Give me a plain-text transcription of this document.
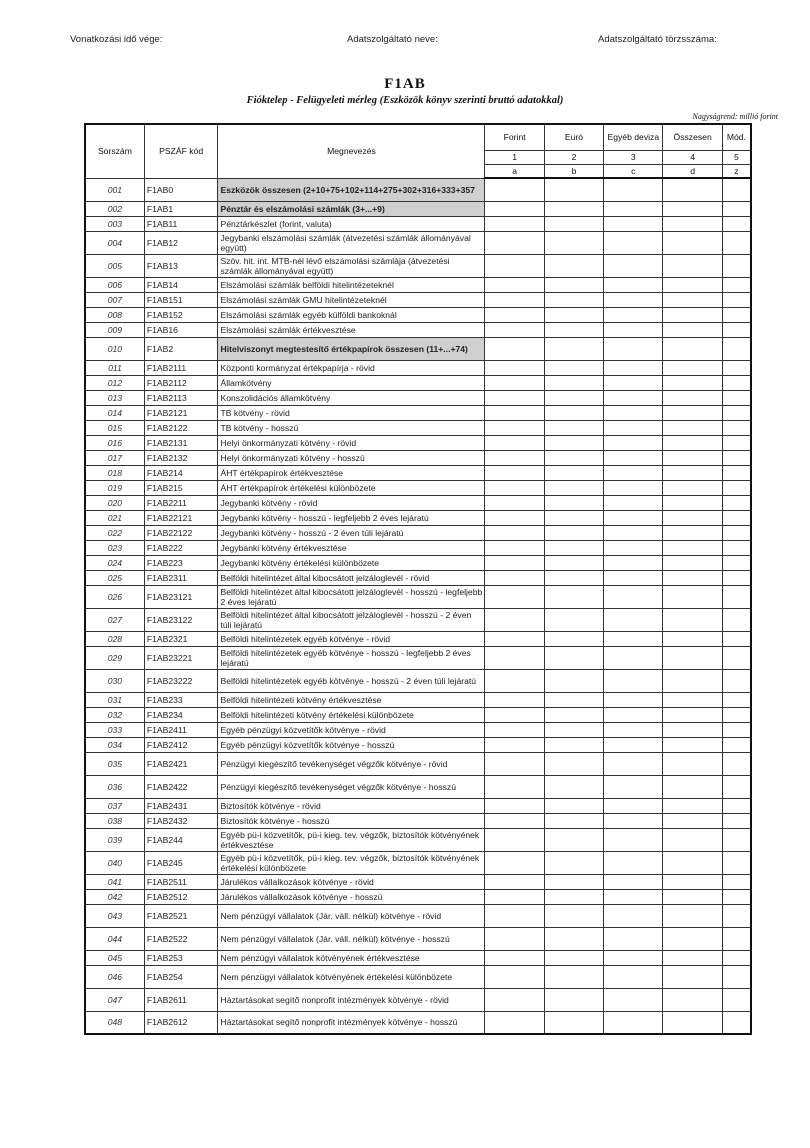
Vonatkozási idő vége:	Adatszolgáltató neve:	Adatszolgáltató törzsszáma:
F1AB
Fióktelep - Felügyeleti mérleg (Eszközök könyv szerinti bruttó adatokkal)
Nagyságrend: millió forint
Sorszám	PSZÁF kód	Megnevezés	Forint	Euró	Egyéb deviza	Összesen	Mód.
			1	2	3	4	5
			a	b	c	d	z
001	F1AB0	Eszközök összesen (2+10+75+102+114+275+302+316+333+357					
002	F1AB1	Pénztár és elszámolási számlák (3+...+9)					
003	F1AB11	Pénztárkészlet (forint, valuta)					
004	F1AB12	Jegybanki elszámolási számlák (átvezetési számlák állományával együtt)					
005	F1AB13	Szöv. hit. int. MTB-nél lévő elszámolási számlája (átvezetési számlák állományával együtt)					
006	F1AB14	Elszámolási számlák belföldi hitelintézeteknél					
007	F1AB151	Elszámolási számlák GMU hitelintézeteknél					
008	F1AB152	Elszámolási számlák egyéb külföldi bankoknál					
009	F1AB16	Elszámolási számlák értékvesztése					
010	F1AB2	Hitelviszonyt megtestesítő értékpapírok összesen (11+...+74)					
011	F1AB2111	Központi kormányzat értékpapírja - rövid					
012	F1AB2112	Államkötvény					
013	F1AB2113	Konszolidációs államkötvény					
014	F1AB2121	TB kötvény - rövid					
015	F1AB2122	TB kötvény - hosszú					
016	F1AB2131	Helyi önkormányzati kötvény - rövid					
017	F1AB2132	Helyi önkormányzati kötvény - hosszú					
018	F1AB214	ÁHT értékpapírok értékvesztése					
019	F1AB215	ÁHT értékpapírok értékelési különbözete					
020	F1AB2211	Jegybanki kötvény - rövid					
021	F1AB22121	Jegybanki kötvény - hosszú - legfeljebb 2 éves lejáratú					
022	F1AB22122	Jegybanki kötvény - hosszú - 2 éven túli lejáratú					
023	F1AB222	Jegybanki kötvény értékvesztése					
024	F1AB223	Jegybanki kötvény értékelési különbözete					
025	F1AB2311	Belföldi hitelintézet által kibocsátott jelzáloglevél - rövid					
026	F1AB23121	Belföldi hitelintézet által kibocsátott jelzáloglevél - hosszú - legfeljebb 2 éves lejáratú					
027	F1AB23122	Belföldi hitelintézet által kibocsátott jelzáloglevél - hosszú - 2 éven túli lejáratú					
028	F1AB2321	Belföldi hitelintézetek egyéb kötvénye - rövid					
029	F1AB23221	Belföldi hitelintézetek egyéb kötvénye - hosszú - legfeljebb 2 éves lejáratú					
030	F1AB23222	Belföldi hitelintézetek egyéb kötvénye - hosszú - 2 éven túli lejáratú					
031	F1AB233	Belföldi hitelintézeti kötvény értékvesztése					
032	F1AB234	Belföldi hitelintézeti kötvény értékelési különbözete					
033	F1AB2411	Egyéb pénzügyi közvetítők kötvénye - rövid					
034	F1AB2412	Egyéb pénzügyi közvetítők kötvénye - hosszú					
035	F1AB2421	Pénzügyi kiegészítő tevékenységet végzők kötvénye - rövid					
036	F1AB2422	Pénzügyi kiegészítő tevékenységet végzők kötvénye - hosszú					
037	F1AB2431	Biztosítók kötvénye - rövid					
038	F1AB2432	Biztosítók kötvénye - hosszú					
039	F1AB244	Egyéb pü-i közvetítők, pü-i kieg. tev. végzők, biztosítók kötvényének értékvesztése					
040	F1AB245	Egyéb pü-i közvetítők, pü-i kieg. tev. végzők, biztosítók kötvényének értékelési különbözete					
041	F1AB2511	Járulékos vállalkozások kötvénye - rövid					
042	F1AB2512	Járulékos vállalkozások kötvénye - hosszú					
043	F1AB2521	Nem pénzügyi vállalatok (Jár. váll. nélkül) kötvénye - rövid					
044	F1AB2522	Nem pénzügyi vállalatok (Jár. váll. nélkül) kötvénye - hosszú					
045	F1AB253	Nem pénzügyi vállalatok kötvényének értékvesztése					
046	F1AB254	Nem pénzügyi vállalatok kötvényének értékelési különbözete					
047	F1AB2611	Háztartásokat segítő nonprofit intézmények kötvénye - rövid					
048	F1AB2612	Háztartásokat segítő nonprofit intézmények kötvénye - hosszú					
